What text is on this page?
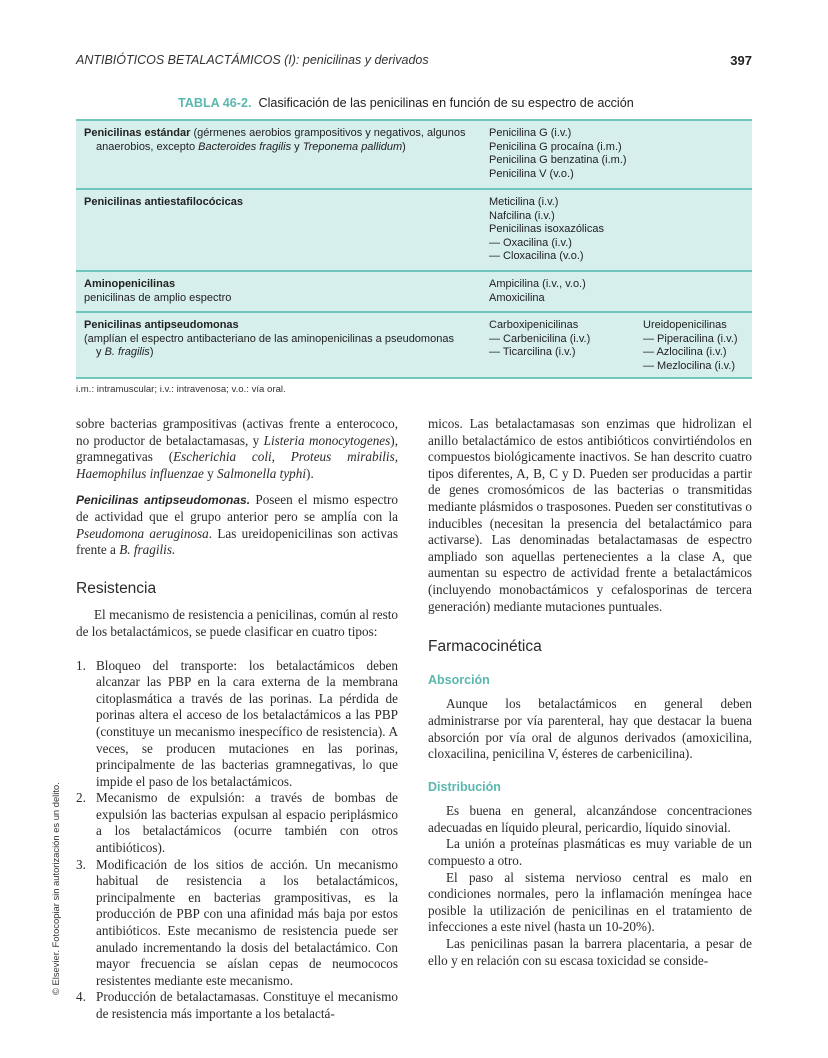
ANTIBIÓTICOS BETALACTÁMICOS (I): penicilinas y derivados	397
TABLA 46-2. Clasificación de las penicilinas en función de su espectro de acción
Penicilinas estándar (gérmenes aerobios grampositivos y negativos, algunos
anaerobios, excepto Bacteroides fragilis y Treponema pallidum)
Penicilina G (i.v.)
Penicilina G procaína (i.m.)
Penicilina G benzatina (i.m.)
Penicilina V (v.o.)
Penicilinas antiestafilocócicas	Meticilina (i.v.)
Nafcilina (i.v.)
Penicilinas isoxazólicas
— Oxacilina (i.v.)
— Cloxacilina (v.o.)
Aminopenicilinas
penicilinas de amplio espectro
Ampicilina (i.v., v.o.)
Amoxicilina
Penicilinas antipseudomonas
(amplían el espectro antibacteriano de las aminopenicilinas a pseudomonas
y B. fragilis)
Carboxipenicilinas
— Carbenicilina (i.v.)
— Ticarcilina (i.v.)
Ureidopenicilinas
— Piperacilina (i.v.)
— Azlocilina (i.v.)
— Mezlocilina (i.v.)
i.m.: intramuscular; i.v.: intravenosa; v.o.: vía oral.

sobre bacterias grampositivas (activas frente a enterococo, no productor de betalactamasas, y Listeria monocytogenes), gramnegativas (Escherichia coli, Proteus mirabilis, Haemophilus influenzae y Salmonella typhi).

Penicilinas antipseudomonas. Poseen el mismo espectro de actividad que el grupo anterior pero se amplía con la Pseudomona aeruginosa. Las ureidopenicilinas son activas frente a B. fragilis.

Resistencia

El mecanismo de resistencia a penicilinas, común al resto de los betalactámicos, se puede clasificar en cuatro tipos:

1. Bloqueo del transporte: los betalactámicos deben alcanzar las PBP en la cara externa de la membrana citoplasmática a través de las porinas. La pérdida de porinas altera el acceso de los betalactámicos a las PBP (constituye un mecanismo inespecífico de resistencia). A veces, se producen mutaciones en las porinas, principalmente de las bacterias gramnegativas, lo que impide el paso de los betalactámicos.
2. Mecanismo de expulsión: a través de bombas de expulsión las bacterias expulsan al espacio periplásmico a los betalactámicos (ocurre también con otros antibióticos).
3. Modificación de los sitios de acción. Un mecanismo habitual de resistencia a los betalactámicos, principalmente en bacterias grampositivas, es la producción de PBP con una afinidad más baja por estos antibióticos. Este mecanismo de resistencia puede ser anulado incrementando la dosis del betalactámico. Con mayor frecuencia se aíslan cepas de neumococos resistentes mediante este mecanismo.
4. Producción de betalactamasas. Constituye el mecanismo de resistencia más importante a los betalactá-

micos. Las betalactamasas son enzimas que hidrolizan el anillo betalactámico de estos antibióticos convirtiéndolos en compuestos biológicamente inactivos. Se han descrito cuatro tipos diferentes, A, B, C y D. Pueden ser producidas a partir de genes cromosómicos de las bacterias o transmitidas mediante plásmidos o trasposones. Pueden ser constitutivas o inducibles (necesitan la presencia del betalactámico para activarse). Las denominadas betalactamasas de espectro ampliado son aquellas pertenecientes a la clase A, que aumentan su espectro de actividad frente a betalactámicos (incluyendo monobactámicos y cefalosporinas de tercera generación) mediante mutaciones puntuales.

Farmacocinética
Absorción

Aunque los betalactámicos en general deben administrarse por vía parenteral, hay que destacar la buena absorción por vía oral de algunos derivados (amoxicilina, cloxacilina, penicilina V, ésteres de carbenicilina).

Distribución

Es buena en general, alcanzándose concentraciones adecuadas en líquido pleural, pericardio, líquido sinovial.

La unión a proteínas plasmáticas es muy variable de un compuesto a otro.

El paso al sistema nervioso central es malo en condiciones normales, pero la inflamación meníngea hace posible la utilización de penicilinas en el tratamiento de infecciones a este nivel (hasta un 10-20%).

Las penicilinas pasan la barrera placentaria, a pesar de ello y en relación con su escasa toxicidad se conside-

© Elsevier. Fotocopiar sin autorización es un delito.
